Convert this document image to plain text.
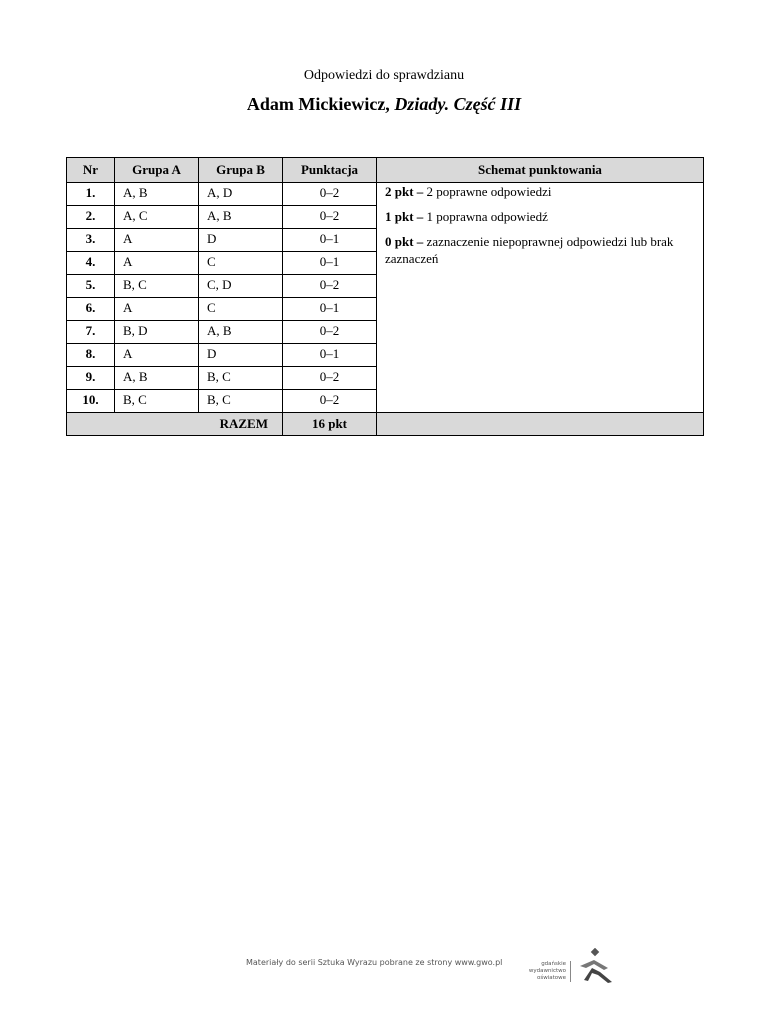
Odpowiedzi do sprawdzianu
Adam Mickiewicz, Dziady. Część III
Nr	Grupa A	Grupa B	Punktacja	Schemat punktowania
1.	A, B	A, D	0–2	2 pkt – 2 poprawne odpowiedzi

1 pkt – 1 poprawna odpowiedź

0 pkt – zaznaczenie niepoprawnej odpowiedzi lub brak zaznaczeń

2.	A, C	A, B	0–2	
3.	A	D	0–1	
4.	A	C	0–1	
5.	B, C	C, D	0–2	
6.	A	C	0–1	
7.	B, D	A, B	0–2	
8.	A	D	0–1	
9.	A, B	B, C	0–2	
10.	B, C	B, C	0–2	
RAZEM			16 pkt	
Materiały do serii Sztuka Wyrazu pobrane ze strony www.gwo.pl	gdańskie
wydawnictwo
oświatowe
